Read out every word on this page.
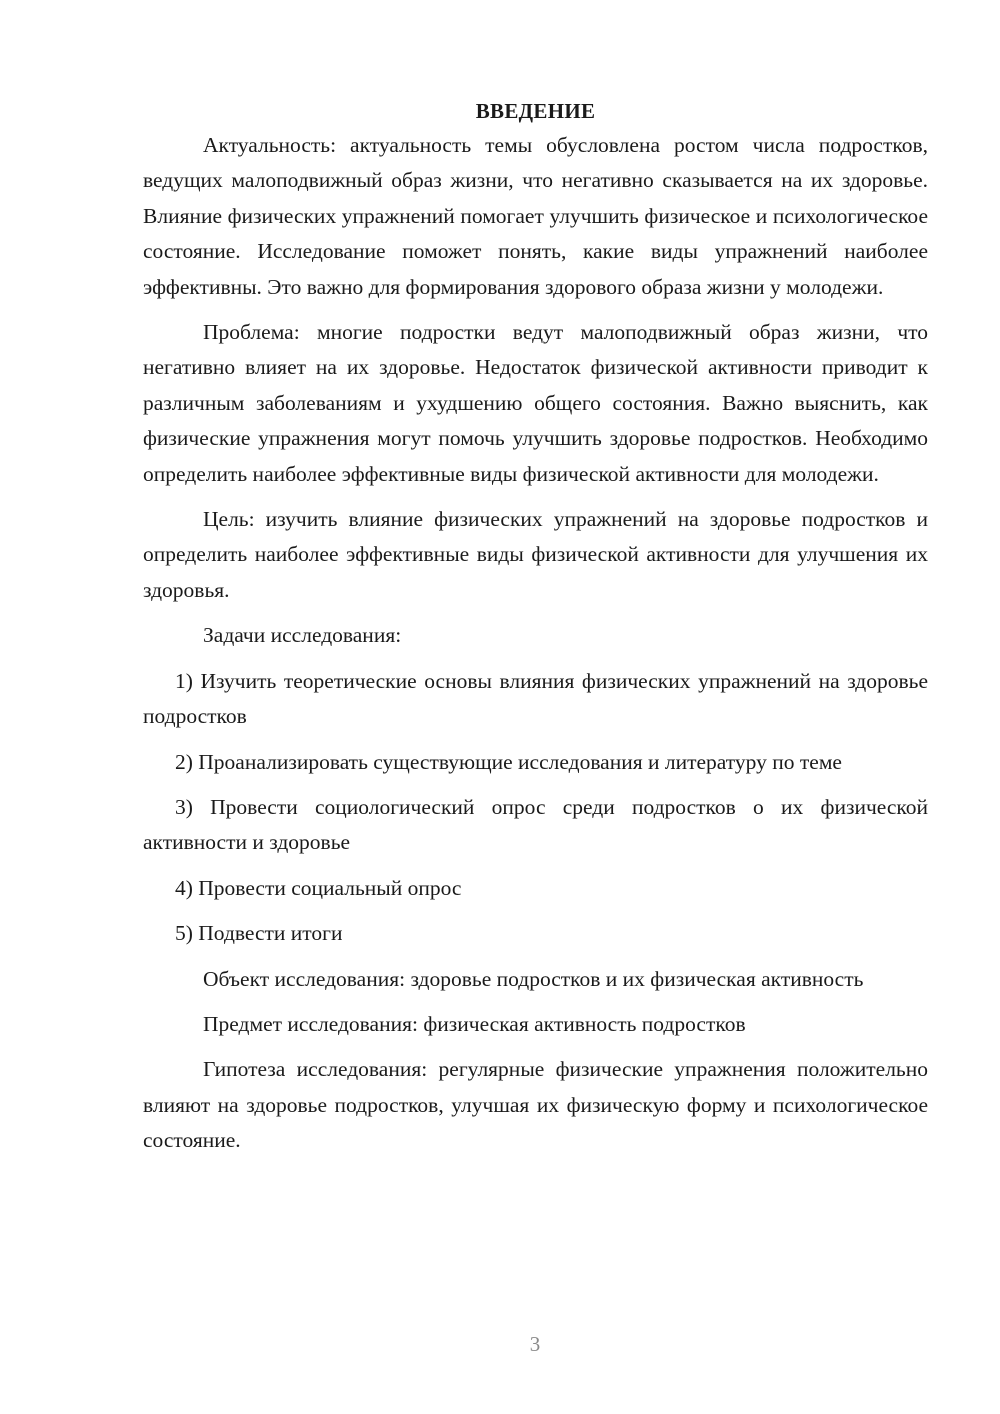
ВВЕДЕНИЕ

Актуальность: актуальность темы обусловлена ростом числа подростков, ведущих малоподвижный образ жизни, что негативно сказывается на их здоровье. Влияние физических упражнений помогает улучшить физическое и психологическое состояние. Исследование поможет понять, какие виды упражнений наиболее эффективны. Это важно для формирования здорового образа жизни у молодежи.

Проблема: многие подростки ведут малоподвижный образ жизни, что негативно влияет на их здоровье. Недостаток физической активности приводит к различным заболеваниям и ухудшению общего состояния. Важно выяснить, как физические упражнения могут помочь улучшить здоровье подростков. Необходимо определить наиболее эффективные виды физической активности для молодежи.

Цель: изучить влияние физических упражнений на здоровье подростков и определить наиболее эффективные виды физической активности для улучшения их здоровья.

Задачи исследования:

1) Изучить теоретические основы влияния физических упражнений на здоровье подростков

2) Проанализировать существующие исследования и литературу по теме

3) Провести социологический опрос среди подростков о их физической активности и здоровье

4) Провести социальный опрос

5) Подвести итоги

Объект исследования: здоровье подростков и их физическая активность

Предмет исследования: физическая активность подростков

Гипотеза исследования: регулярные физические упражнения положительно влияют на здоровье подростков, улучшая их физическую форму и психологическое состояние.

3
